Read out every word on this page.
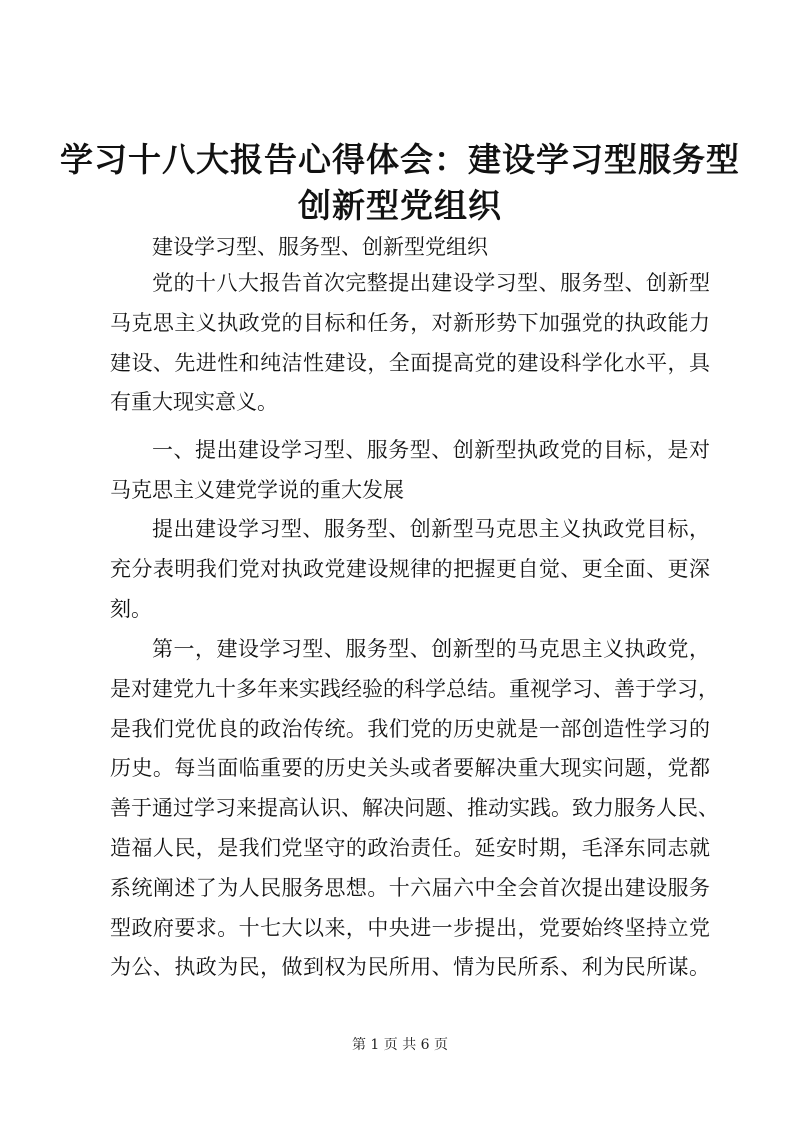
学习十八大报告心得体会：建设学习型服务型
创新型党组织
建设学习型、服务型、创新型党组织
党的十八大报告首次完整提出建设学习型、服务型、创新型
马克思主义执政党的目标和任务，对新形势下加强党的执政能力
建设、先进性和纯洁性建设，全面提高党的建设科学化水平，具
有重大现实意义。
一、提出建设学习型、服务型、创新型执政党的目标，是对
马克思主义建党学说的重大发展
提出建设学习型、服务型、创新型马克思主义执政党目标，
充分表明我们党对执政党建设规律的把握更自觉、更全面、更深
刻。
第一，建设学习型、服务型、创新型的马克思主义执政党，
是对建党九十多年来实践经验的科学总结。重视学习、善于学习，
是我们党优良的政治传统。我们党的历史就是一部创造性学习的
历史。每当面临重要的历史关头或者要解决重大现实问题，党都
善于通过学习来提高认识、解决问题、推动实践。致力服务人民、
造福人民，是我们党坚守的政治责任。延安时期，毛泽东同志就
系统阐述了为人民服务思想。十六届六中全会首次提出建设服务
型政府要求。十七大以来，中央进一步提出，党要始终坚持立党
为公、执政为民，做到权为民所用、情为民所系、利为民所谋。
第 1 页 共 6 页
